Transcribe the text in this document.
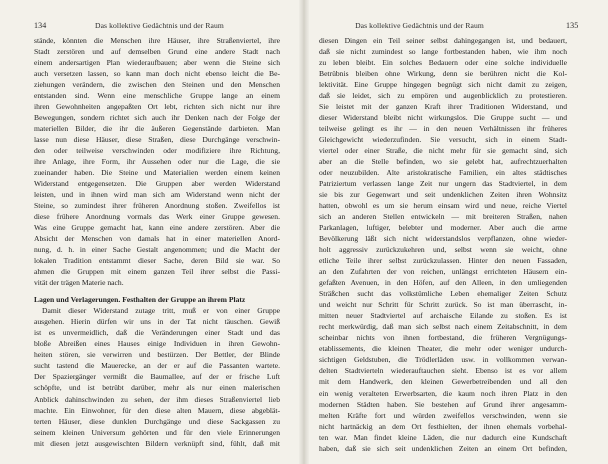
134	Das kollektive Gedächtnis und der Raum
stände, könnten die Menschen ihre Häuser, ihre Straßenviertel, ihre
Stadt zerstören und auf demselben Grund eine andere Stadt nach
einem andersartigen Plan wiederaufbauen; aber wenn die Steine sich
auch versetzen lassen, so kann man doch nicht ebenso leicht die Be-
ziehungen verändern, die zwischen den Steinen und den Menschen
entstanden sind. Wenn eine menschliche Gruppe lange an einem
ihren Gewohnheiten angepaßten Ort lebt, richten sich nicht nur ihre
Bewegungen, sondern richtet sich auch ihr Denken nach der Folge der
materiellen Bilder, die ihr die äußeren Gegenstände darbieten. Man
lasse nun diese Häuser, diese Straßen, diese Durchgänge verschwin-
den oder teilweise verschwinden oder modifiziere ihre Richtung,
ihre Anlage, ihre Form, ihr Aussehen oder nur die Lage, die sie
zueinander haben. Die Steine und Materialien werden einem keinen
Widerstand entgegensetzen. Die Gruppen aber werden Widerstand
leisten, und in ihnen wird man sich am Widerstand wenn nicht der
Steine, so zumindest ihrer früheren Anordnung stoßen. Zweifellos ist
diese frühere Anordnung vormals das Werk einer Gruppe gewesen.
Was eine Gruppe gemacht hat, kann eine andere zerstören. Aber die
Absicht der Menschen von damals hat in einer materiellen Anord-
nung, d. h. in einer Sache Gestalt angenommen; und die Macht der
lokalen Tradition entstammt dieser Sache, deren Bild sie war. So
ahmen die Gruppen mit einem ganzen Teil ihrer selbst die Passi-
vität der trägen Materie nach.
Lagen und Verlagerungen. Festhalten der Gruppe an ihrem Platz
Damit dieser Widerstand zutage tritt, muß er von einer Gruppe
ausgehen. Hierin dürfen wir uns in der Tat nicht täuschen. Gewiß
ist es unvermeidlich, daß die Veränderungen einer Stadt und das
bloße Abreißen eines Hauses einige Individuen in ihren Gewohn-
heiten stören, sie verwirren und bestürzen. Der Bettler, der Blinde
sucht tastend die Mauerecke, an der er auf die Passanten wartete.
Der Spaziergänger vermißt die Baumallee, auf der er frische Luft
schöpfte, und ist betrübt darüber, mehr als nur einen malerischen
Anblick dahinschwinden zu sehen, der ihm dieses Straßenviertel lieb
machte. Ein Einwohner, für den diese alten Mauern, diese abgeblät-
terten Häuser, diese dunklen Durchgänge und diese Sackgassen zu
seinem kleinen Universum gehörten und für den viele Erinnerungen
mit diesen jetzt ausgewischten Bildern verknüpft sind, fühlt, daß mit
Das kollektive Gedächtnis und der Raum	135
diesen Dingen ein Teil seiner selbst dahingegangen ist, und bedauert,
daß sie nicht zumindest so lange fortbestanden haben, wie ihm noch
zu leben bleibt. Ein solches Bedauern oder eine solche individuelle
Betrübnis bleiben ohne Wirkung, denn sie berühren nicht die Kol-
lektivität. Eine Gruppe hingegen begnügt sich nicht damit zu zeigen,
daß sie leidet, sich zu empören und augenblicklich zu protestieren.
Sie leistet mit der ganzen Kraft ihrer Traditionen Widerstand, und
dieser Widerstand bleibt nicht wirkungslos. Die Gruppe sucht — und
teilweise gelingt es ihr — in den neuen Verhältnissen ihr früheres
Gleichgewicht wiederzufinden. Sie versucht, sich in einem Stadt-
viertel oder einer Straße, die nicht mehr für sie gemacht sind, sich
aber an die Stelle befinden, wo sie gelebt hat, aufrechtzuerhalten
oder neuzubilden. Alte aristokratische Familien, ein altes städtisches
Patriziertum verlassen lange Zeit nur ungern das Stadtviertel, in dem
sie bis zur Gegenwart und seit undenklichen Zeiten ihren Wohnsitz
hatten, obwohl es um sie herum einsam wird und neue, reiche Viertel
sich an anderen Stellen entwickeln — mit breiteren Straßen, nahen
Parkanlagen, luftiger, belebter und moderner. Aber auch die arme
Bevölkerung läßt sich nicht widerstandslos verpflanzen, ohne wieder-
holt aggressiv zurückzukehren und, selbst wenn sie weicht, ohne
etliche Teile ihrer selbst zurückzulassen. Hinter den neuen Fassaden,
an den Zufahrten der von reichen, unlängst errichteten Häusern ein-
gefaßten Avenuen, in den Höfen, auf den Alleen, in den umliegenden
Sträßchen sucht das volkstümliche Leben ehemaliger Zeiten Schutz
und weicht nur Schritt für Schritt zurück. So ist man überrascht, in-
mitten neuer Stadtviertel auf archaische Eilande zu stoßen. Es ist
recht merkwürdig, daß man sich selbst nach einem Zeitabschnitt, in dem
scheinbar nichts von ihnen fortbestand, die früheren Vergnügungs-
etablissements, die kleinen Theater, die mehr oder weniger undurch-
sichtigen Geldstuben, die Trödlerläden usw. in vollkommen verwan-
delten Stadtvierteln wiederauftauchen sieht. Ebenso ist es vor allem
mit dem Handwerk, den kleinen Gewerbetreibenden und all den
ein wenig veralteten Erwerbsarten, die kaum noch ihren Platz in den
modernen Städten haben. Sie bestehen auf Grund ihrer angesamm-
melten Kräfte fort und würden zweifellos verschwinden, wenn sie
nicht hartnäckig an dem Ort festhielten, der ihnen ehemals vorbehal-
ten war. Man findet kleine Läden, die nur dadurch eine Kundschaft
haben, daß sie sich seit undenklichen Zeiten an einem Ort befinden,
